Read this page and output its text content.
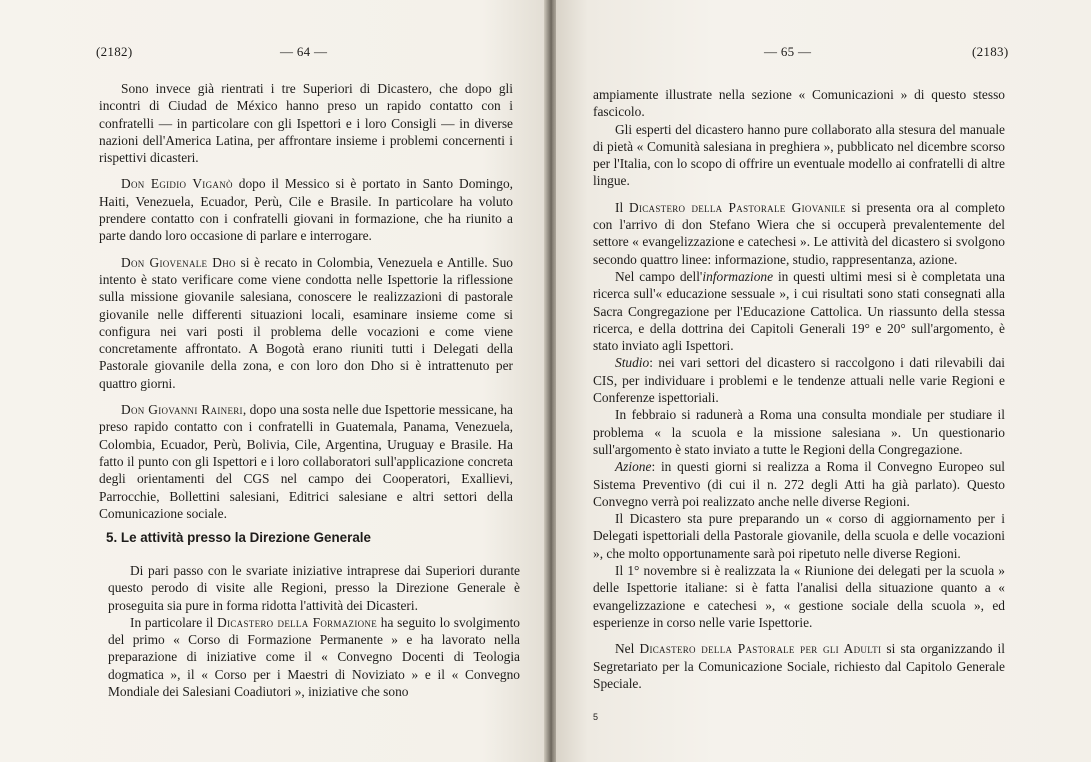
(2182)	— 64 —

Sono invece già rientrati i tre Superiori di Dicastero, che dopo gli incontri di Ciudad de México hanno preso un rapido contatto con i confratelli — in particolare con gli Ispettori e i loro Consigli — in diverse nazioni dell'America Latina, per affrontare insieme i problemi concernenti i rispettivi dicasteri.

Don Egidio Viganò dopo il Messico si è portato in Santo Domingo, Haiti, Venezuela, Ecuador, Perù, Cile e Brasile. In particolare ha voluto prendere contatto con i confratelli giovani in formazione, che ha riunito a parte dando loro occasione di parlare e interrogare.

Don Giovenale Dho si è recato in Colombia, Venezuela e Antille. Suo intento è stato verificare come viene condotta nelle Ispettorie la riflessione sulla missione giovanile salesiana, conoscere le realizzazioni di pastorale giovanile nelle differenti situazioni locali, esaminare insieme come si configura nei vari posti il problema delle vocazioni e come viene concretamente affrontato. A Bogotà erano riuniti tutti i Delegati della Pastorale giovanile della zona, e con loro don Dho si è intrattenuto per quattro giorni.

Don Giovanni Raineri, dopo una sosta nelle due Ispettorie messicane, ha preso rapido contatto con i confratelli in Guatemala, Panama, Venezuela, Colombia, Ecuador, Perù, Bolivia, Cile, Argentina, Uruguay e Brasile. Ha fatto il punto con gli Ispettori e i loro collaboratori sull'applicazione concreta degli orientamenti del CGS nel campo dei Cooperatori, Exallievi, Parrocchie, Bollettini salesiani, Editrici salesiane e altri settori della Comunicazione sociale.

5. Le attività presso la Direzione Generale

Di pari passo con le svariate iniziative intraprese dai Superiori durante questo perodo di visite alle Regioni, presso la Direzione Generale è proseguita sia pure in forma ridotta l'attività dei Dicasteri.

In particolare il Dicastero della Formazione ha seguito lo svolgimento del primo « Corso di Formazione Permanente » e ha lavorato nella preparazione di iniziative come il « Convegno Docenti di Teologia dogmatica », il « Corso per i Maestri di Noviziato » e il « Convegno Mondiale dei Salesiani Coadiutori », iniziative che sono

— 65 —	(2183)

ampiamente illustrate nella sezione « Comunicazioni » di questo stesso fascicolo.

Gli esperti del dicastero hanno pure collaborato alla stesura del manuale di pietà « Comunità salesiana in preghiera », pubblicato nel dicembre scorso per l'Italia, con lo scopo di offrire un eventuale modello ai confratelli di altre lingue.

Il Dicastero della Pastorale Giovanile si presenta ora al completo con l'arrivo di don Stefano Wiera che si occuperà prevalentemente del settore « evangelizzazione e catechesi ». Le attività del dicastero si svolgono secondo quattro linee: informazione, studio, rappresentanza, azione.

Nel campo dell'informazione in questi ultimi mesi si è completata una ricerca sull'« educazione sessuale », i cui risultati sono stati consegnati alla Sacra Congregazione per l'Educazione Cattolica. Un riassunto della stessa ricerca, e della dottrina dei Capitoli Generali 19° e 20° sull'argomento, è stato inviato agli Ispettori.

Studio: nei vari settori del dicastero si raccolgono i dati rilevabili dai CIS, per individuare i problemi e le tendenze attuali nelle varie Regioni e Conferenze ispettoriali.

In febbraio si radunerà a Roma una consulta mondiale per studiare il problema « la scuola e la missione salesiana ». Un questionario sull'argomento è stato inviato a tutte le Regioni della Congregazione.

Azione: in questi giorni si realizza a Roma il Convegno Europeo sul Sistema Preventivo (di cui il n. 272 degli Atti ha già parlato). Questo Convegno verrà poi realizzato anche nelle diverse Regioni.

Il Dicastero sta pure preparando un « corso di aggiornamento per i Delegati ispettoriali della Pastorale giovanile, della scuola e delle vocazioni », che molto opportunamente sarà poi ripetuto nelle diverse Regioni.

Il 1° novembre si è realizzata la « Riunione dei delegati per la scuola » delle Ispettorie italiane: si è fatta l'analisi della situazione quanto a « evangelizzazione e catechesi », « gestione sociale della scuola », ed esperienze in corso nelle varie Ispettorie.

Nel Dicastero della Pastorale per gli Adulti si sta organizzando il Segretariato per la Comunicazione Sociale, richiesto dal Capitolo Generale Speciale.

5
